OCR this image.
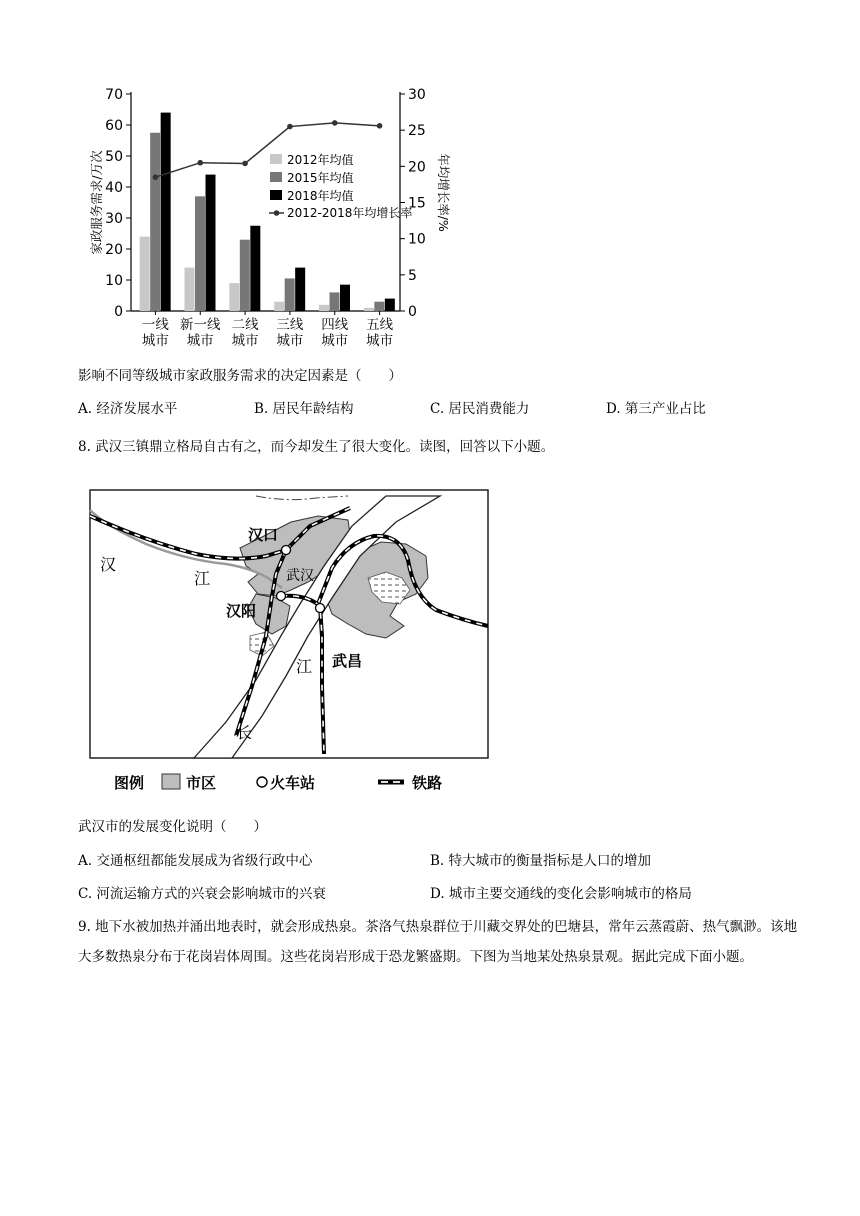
0
10
20
30
40
50
60
70
0
5
10
15
20
25
30
家政服务需求/万次	年均增长率/%
一线
城市
新一线
城市
二线
城市
三线
城市
四线
城市
五线
城市
2012年均值
2015年均值
2018年均值
2012-2018年均增长率
影响不同等级城市家政服务需求的决定因素是（　　）
A. 经济发展水平	B. 居民年龄结构	C. 居民消费能力	D. 第三产业占比
8. 武汉三镇鼎立格局自古有之，而今却发生了很大变化。读图，回答以下小题。
汉口
武汉
汉阳
武昌
汉
江
江
长
图例	市区	火车站	铁路
武汉市的发展变化说明（　　）
A. 交通枢纽都能发展成为省级行政中心	B. 特大城市的衡量指标是人口的增加
C. 河流运输方式的兴衰会影响城市的兴衰	D. 城市主要交通线的变化会影响城市的格局
9. 地下水被加热并涌出地表时，就会形成热泉。茶洛气热泉群位于川藏交界处的巴塘县，常年云蒸霞蔚、热气飘渺。该地大多数热泉分布于花岗岩体周围。这些花岗岩形成于恐龙繁盛期。下图为当地某处热泉景观。据此完成下面小题。
